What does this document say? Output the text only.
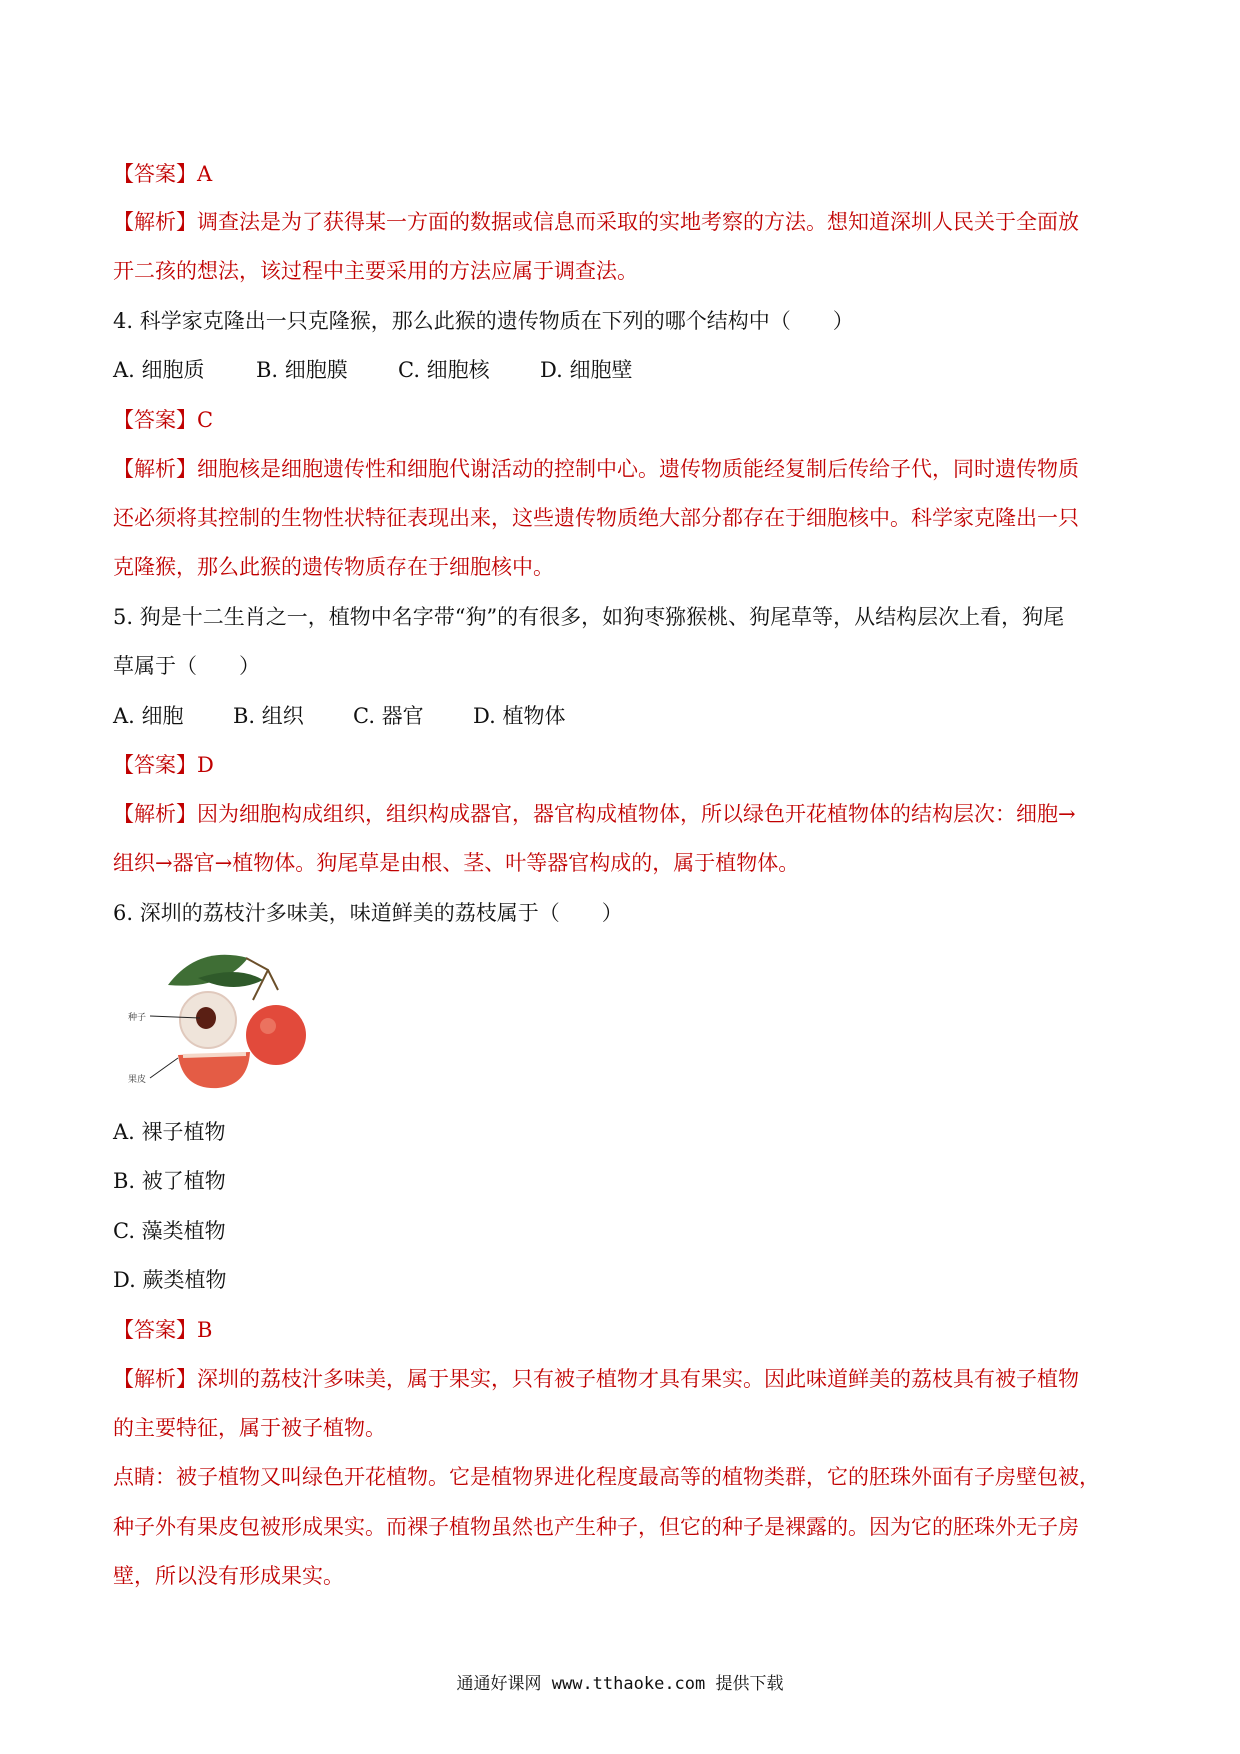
【答案】A
【解析】调查法是为了获得某一方面的数据或信息而采取的实地考察的方法。想知道深圳人民关于全面放
开二孩的想法，该过程中主要采用的方法应属于调查法。
4. 科学家克隆出一只克隆猴，那么此猴的遗传物质在下列的哪个结构中（　　）
A. 细胞质 B. 细胞膜 C. 细胞核 D. 细胞壁
【答案】C
【解析】细胞核是细胞遗传性和细胞代谢活动的控制中心。遗传物质能经复制后传给子代，同时遗传物质
还必须将其控制的生物性状特征表现出来，这些遗传物质绝大部分都存在于细胞核中。科学家克隆出一只
克隆猴，那么此猴的遗传物质存在于细胞核中。
5. 狗是十二生肖之一，植物中名字带“狗”的有很多，如狗枣猕猴桃、狗尾草等，从结构层次上看，狗尾
草属于（　　）
A. 细胞 B. 组织 C. 器官 D. 植物体
【答案】D
【解析】因为细胞构成组织，组织构成器官，器官构成植物体，所以绿色开花植物体的结构层次：细胞→
组织→器官→植物体。狗尾草是由根、茎、叶等器官构成的，属于植物体。
6. 深圳的荔枝汁多味美，味道鲜美的荔枝属于（　　）
种子
果皮
A. 裸子植物
B. 被了植物
C. 藻类植物
D. 蕨类植物
【答案】B
【解析】深圳的荔枝汁多味美，属于果实，只有被子植物才具有果实。因此味道鲜美的荔枝具有被子植物
的主要特征，属于被子植物。
点睛：被子植物又叫绿色开花植物。它是植物界进化程度最高等的植物类群，它的胚珠外面有子房壁包被，
种子外有果皮包被形成果实。而裸子植物虽然也产生种子，但它的种子是裸露的。因为它的胚珠外无子房
壁，所以没有形成果实。
通通好课网 www.tthaoke.com 提供下载
